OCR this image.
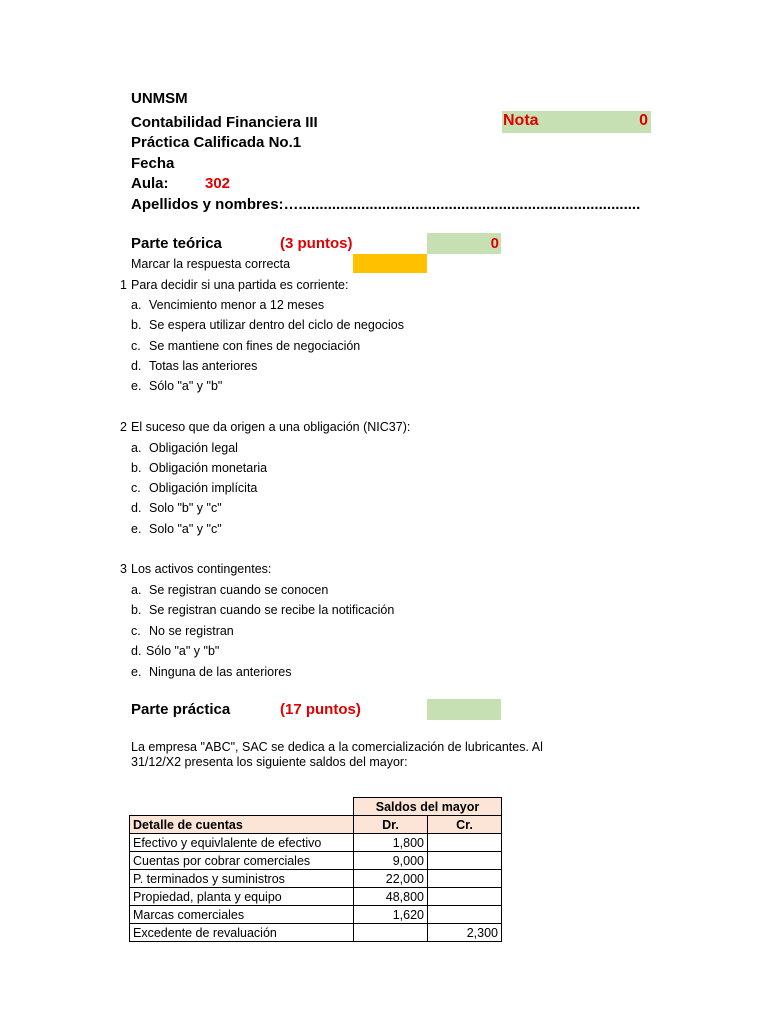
UNMSM
Contabilidad Financiera III
Práctica Calificada No.1
Fecha
Aula: 302
Apellidos y nombres:…..................................................................................
Nota	0
Parte teórica	(3 puntos)	0
Marcar la respuesta correcta
1 Para decidir si una partida es corriente:
a. Vencimiento menor a 12 meses
b. Se espera utilizar dentro del ciclo de negocios
c. Se mantiene con fines de negociación
d. Totas las anteriores
e. Sólo "a" y "b"
2 El suceso que da origen a una obligación (NIC37):
a. Obligación legal
b. Obligación monetaria
c. Obligación implícita
d. Solo "b" y "c"
e. Solo "a" y "c"
3 Los activos contingentes:
a. Se registran cuando se conocen
b. Se registran cuando se recibe la notificación
c. No se registran
d. Sólo "a" y "b"
e. Ninguna de las anteriores
Parte práctica	(17 puntos)
La empresa "ABC", SAC se dedica a la comercialización de lubricantes. Al
31/12/X2 presenta los siguiente saldos del mayor:
	Saldos del mayor	
Detalle de cuentas	Dr.	Cr.
Efectivo y equivlalente de efectivo	1,800	
Cuentas por cobrar comerciales	9,000	
P. terminados y suministros	22,000	
Propiedad, planta y equipo	48,800	
Marcas comerciales	1,620	
Excedente de revaluación		2,300
